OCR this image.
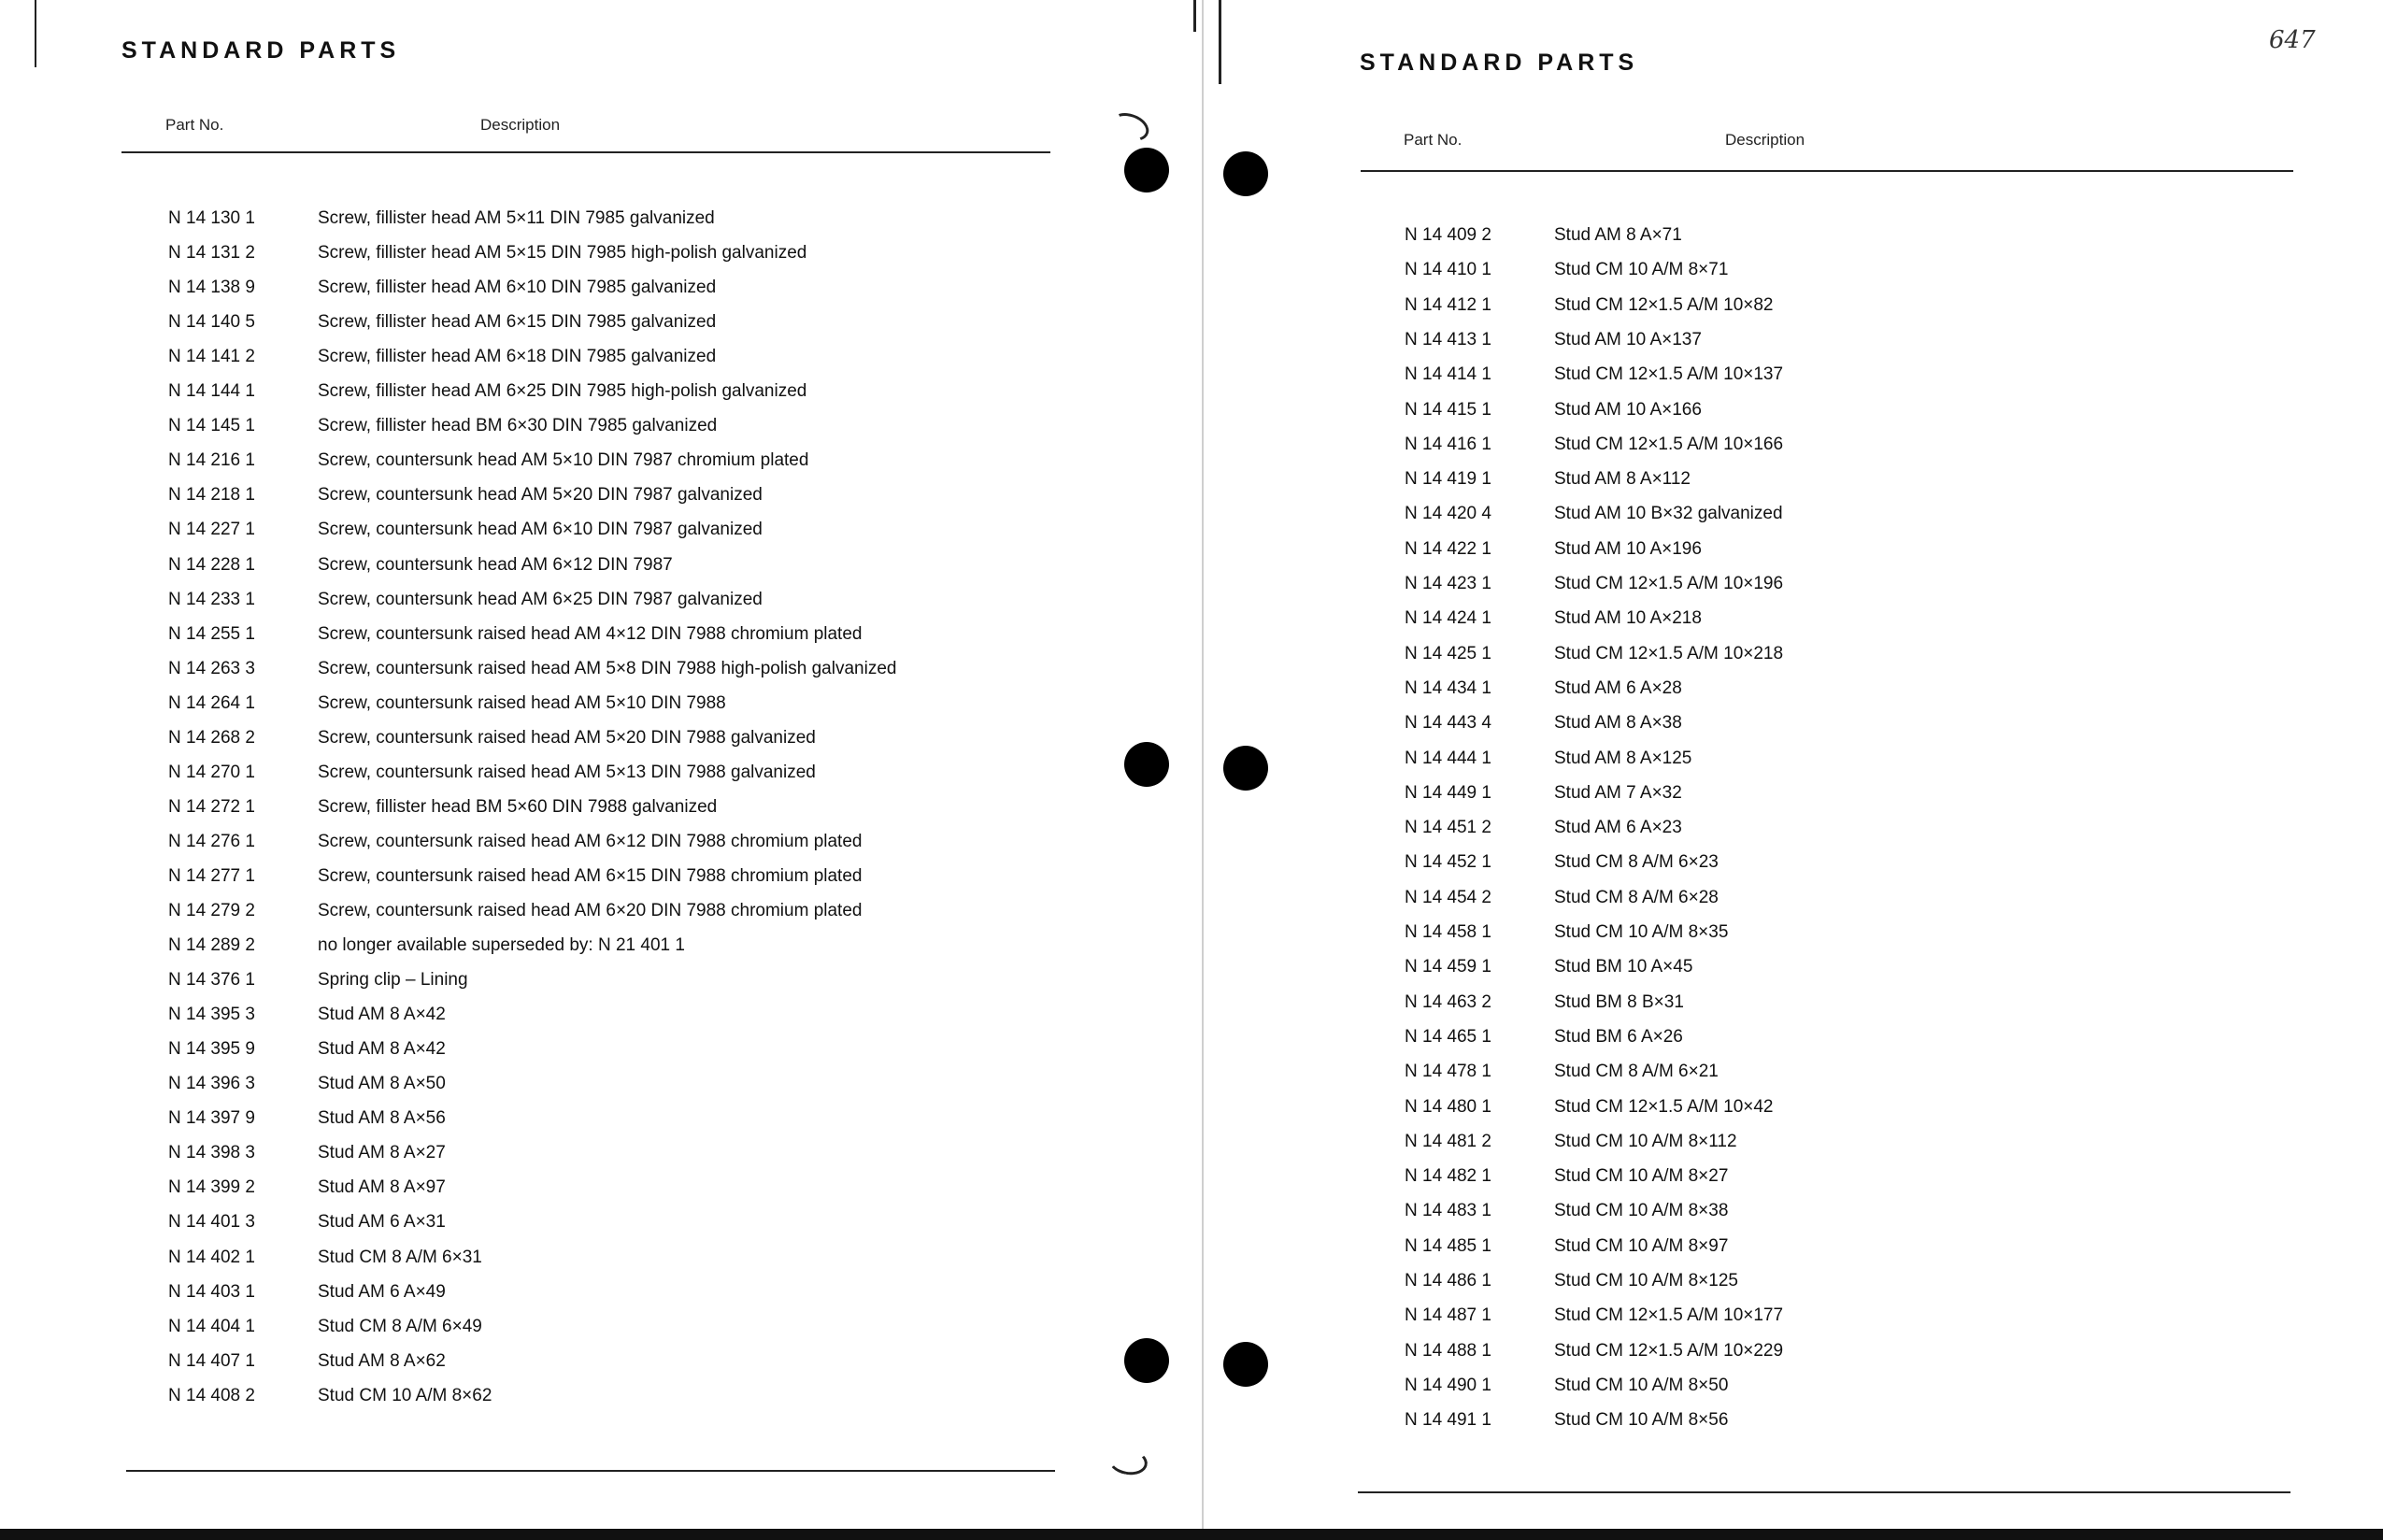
STANDARD PARTS
Part No.	Description
N 14 130 1	Screw, fillister head AM 5×11 DIN 7985 galvanized
N 14 131 2	Screw, fillister head AM 5×15 DIN 7985 high-polish galvanized
N 14 138 9	Screw, fillister head AM 6×10 DIN 7985 galvanized
N 14 140 5	Screw, fillister head AM 6×15 DIN 7985 galvanized
N 14 141 2	Screw, fillister head AM 6×18 DIN 7985 galvanized
N 14 144 1	Screw, fillister head AM 6×25 DIN 7985 high-polish galvanized
N 14 145 1	Screw, fillister head BM 6×30 DIN 7985 galvanized
N 14 216 1	Screw, countersunk head AM 5×10 DIN 7987 chromium plated
N 14 218 1	Screw, countersunk head AM 5×20 DIN 7987 galvanized
N 14 227 1	Screw, countersunk head AM 6×10 DIN 7987 galvanized
N 14 228 1	Screw, countersunk head AM 6×12 DIN 7987
N 14 233 1	Screw, countersunk head AM 6×25 DIN 7987 galvanized
N 14 255 1	Screw, countersunk raised head AM 4×12 DIN 7988 chromium plated
N 14 263 3	Screw, countersunk raised head AM 5×8 DIN 7988 high-polish galvanized
N 14 264 1	Screw, countersunk raised head AM 5×10 DIN 7988
N 14 268 2	Screw, countersunk raised head AM 5×20 DIN 7988 galvanized
N 14 270 1	Screw, countersunk raised head AM 5×13 DIN 7988 galvanized
N 14 272 1	Screw, fillister head BM 5×60 DIN 7988 galvanized
N 14 276 1	Screw, countersunk raised head AM 6×12 DIN 7988 chromium plated
N 14 277 1	Screw, countersunk raised head AM 6×15 DIN 7988 chromium plated
N 14 279 2	Screw, countersunk raised head AM 6×20 DIN 7988 chromium plated
N 14 289 2	no longer available superseded by: N 21 401 1
N 14 376 1	Spring clip – Lining
N 14 395 3	Stud AM 8 A×42
N 14 395 9	Stud AM 8 A×42
N 14 396 3	Stud AM 8 A×50
N 14 397 9	Stud AM 8 A×56
N 14 398 3	Stud AM 8 A×27
N 14 399 2	Stud AM 8 A×97
N 14 401 3	Stud AM 6 A×31
N 14 402 1	Stud CM 8 A/M 6×31
N 14 403 1	Stud AM 6 A×49
N 14 404 1	Stud CM 8 A/M 6×49
N 14 407 1	Stud AM 8 A×62
N 14 408 2	Stud CM 10 A/M 8×62
STANDARD PARTS
Part No.	Description
N 14 409 2	Stud AM 8 A×71
N 14 410 1	Stud CM 10 A/M 8×71
N 14 412 1	Stud CM 12×1.5 A/M 10×82
N 14 413 1	Stud AM 10 A×137
N 14 414 1	Stud CM 12×1.5 A/M 10×137
N 14 415 1	Stud AM 10 A×166
N 14 416 1	Stud CM 12×1.5 A/M 10×166
N 14 419 1	Stud AM 8 A×112
N 14 420 4	Stud AM 10 B×32 galvanized
N 14 422 1	Stud AM 10 A×196
N 14 423 1	Stud CM 12×1.5 A/M 10×196
N 14 424 1	Stud AM 10 A×218
N 14 425 1	Stud CM 12×1.5 A/M 10×218
N 14 434 1	Stud AM 6 A×28
N 14 443 4	Stud AM 8 A×38
N 14 444 1	Stud AM 8 A×125
N 14 449 1	Stud AM 7 A×32
N 14 451 2	Stud AM 6 A×23
N 14 452 1	Stud CM 8 A/M 6×23
N 14 454 2	Stud CM 8 A/M 6×28
N 14 458 1	Stud CM 10 A/M 8×35
N 14 459 1	Stud BM 10 A×45
N 14 463 2	Stud BM 8 B×31
N 14 465 1	Stud BM 6 A×26
N 14 478 1	Stud CM 8 A/M 6×21
N 14 480 1	Stud CM 12×1.5 A/M 10×42
N 14 481 2	Stud CM 10 A/M 8×112
N 14 482 1	Stud CM 10 A/M 8×27
N 14 483 1	Stud CM 10 A/M 8×38
N 14 485 1	Stud CM 10 A/M 8×97
N 14 486 1	Stud CM 10 A/M 8×125
N 14 487 1	Stud CM 12×1.5 A/M 10×177
N 14 488 1	Stud CM 12×1.5 A/M 10×229
N 14 490 1	Stud CM 10 A/M 8×50
N 14 491 1	Stud CM 10 A/M 8×56
647
